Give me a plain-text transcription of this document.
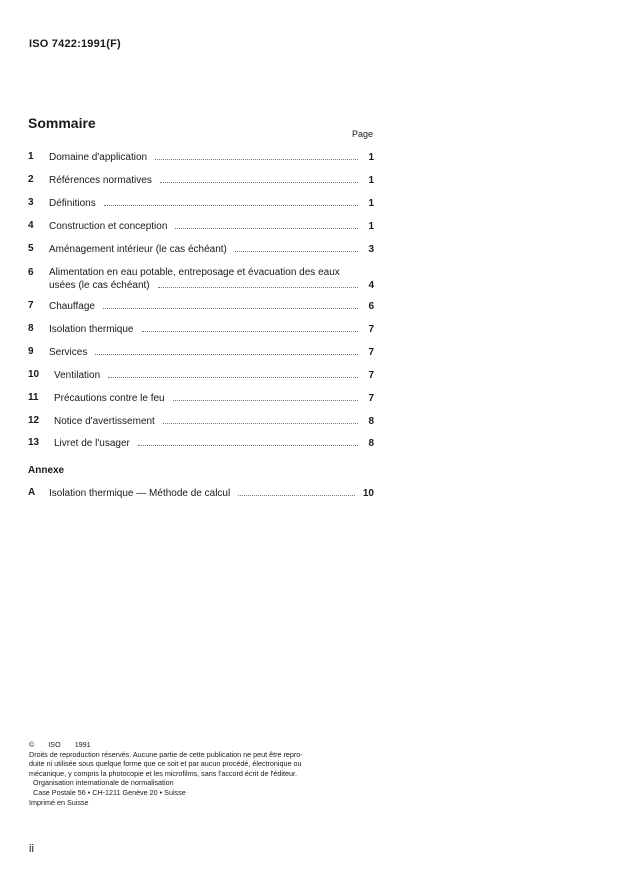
ISO 7422:1991(F)
Sommaire
Page
1	Domaine d'application	1
2	Références normatives	1
3	Définitions	1
4	Construction et conception	1
5	Aménagement intérieur (le cas échéant)	3
6	Alimentation en eau potable, entreposage et évacuation des eaux
usées (le cas échéant)	4
7	Chauffage	6
8	Isolation thermique	7
9	Services	7
10	Ventilation	7
11	Précautions contre le feu	7
12	Notice d'avertissement	8
13	Livret de l'usager	8
Annexe
A	Isolation thermique — Méthode de calcul	10
© ISO 1991
Droits de reproduction réservés. Aucune partie de cette publication ne peut être repro-
duite ni utilisée sous quelque forme que ce soit et par aucun procédé, électronique ou
mécanique, y compris la photocopie et les microfilms, sans l'accord écrit de l'éditeur.
Organisation internationale de normalisation
Case Postale 56 • CH-1211 Genève 20 • Suisse
Imprimé en Suisse
ii
